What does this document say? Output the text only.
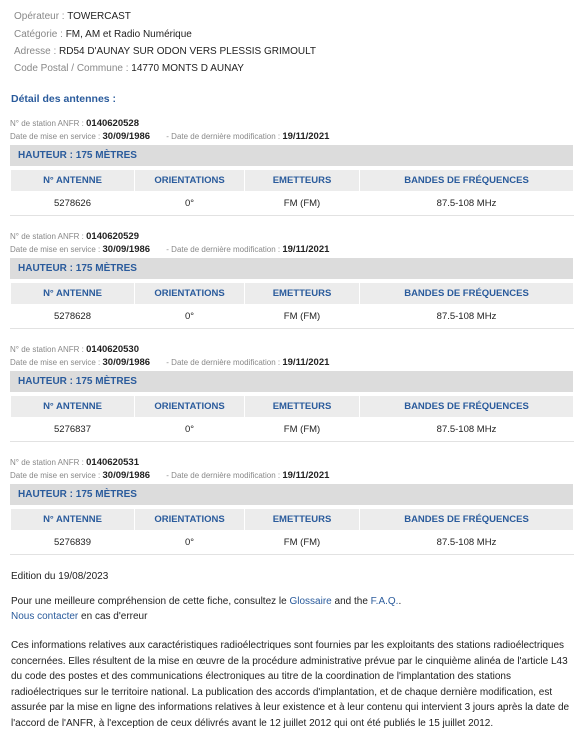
Opérateur : TOWERCAST
Catégorie : FM, AM et Radio Numérique
Adresse : RD54 D'AUNAY SUR ODON VERS PLESSIS GRIMOULT
Code Postal / Commune : 14770 MONTS D AUNAY
Détail des antennes :
N° de station ANFR : 0140620528
Date de mise en service : 30/09/1986 - Date de dernière modification : 19/11/2021
HAUTEUR : 175 MÈTRES
N° ANTENNE	ORIENTATIONS	EMETTEURS	BANDES DE FRÉQUENCES
5278626	0°	FM (FM)	87.5-108 MHz
N° de station ANFR : 0140620529
Date de mise en service : 30/09/1986 - Date de dernière modification : 19/11/2021
HAUTEUR : 175 MÈTRES
N° ANTENNE	ORIENTATIONS	EMETTEURS	BANDES DE FRÉQUENCES
5278628	0°	FM (FM)	87.5-108 MHz
N° de station ANFR : 0140620530
Date de mise en service : 30/09/1986 - Date de dernière modification : 19/11/2021
HAUTEUR : 175 MÈTRES
N° ANTENNE	ORIENTATIONS	EMETTEURS	BANDES DE FRÉQUENCES
5276837	0°	FM (FM)	87.5-108 MHz
N° de station ANFR : 0140620531
Date de mise en service : 30/09/1986 - Date de dernière modification : 19/11/2021
HAUTEUR : 175 MÈTRES
N° ANTENNE	ORIENTATIONS	EMETTEURS	BANDES DE FRÉQUENCES
5276839	0°	FM (FM)	87.5-108 MHz
Edition du 19/08/2023
Pour une meilleure compréhension de cette fiche, consultez le Glossaire and the F.A.Q..
Nous contacter en cas d'erreur
Ces informations relatives aux caractéristiques radioélectriques sont fournies par les exploitants des stations radioélectriques concernées. Elles résultent de la mise en œuvre de la procédure administrative prévue par le cinquième alinéa de l'article L43 du code des postes et des communications électroniques au titre de la coordination de l'implantation des stations radioélectriques sur le territoire national. La publication des accords d'implantation, et de chaque dernière modification, est assurée par la mise en ligne des informations relatives à leur existence et à leur contenu qui intervient 3 jours après la date de l'accord de l'ANFR, à l'exception de ceux délivrés avant le 12 juillet 2012 qui ont été publiés le 15 juillet 2012.
